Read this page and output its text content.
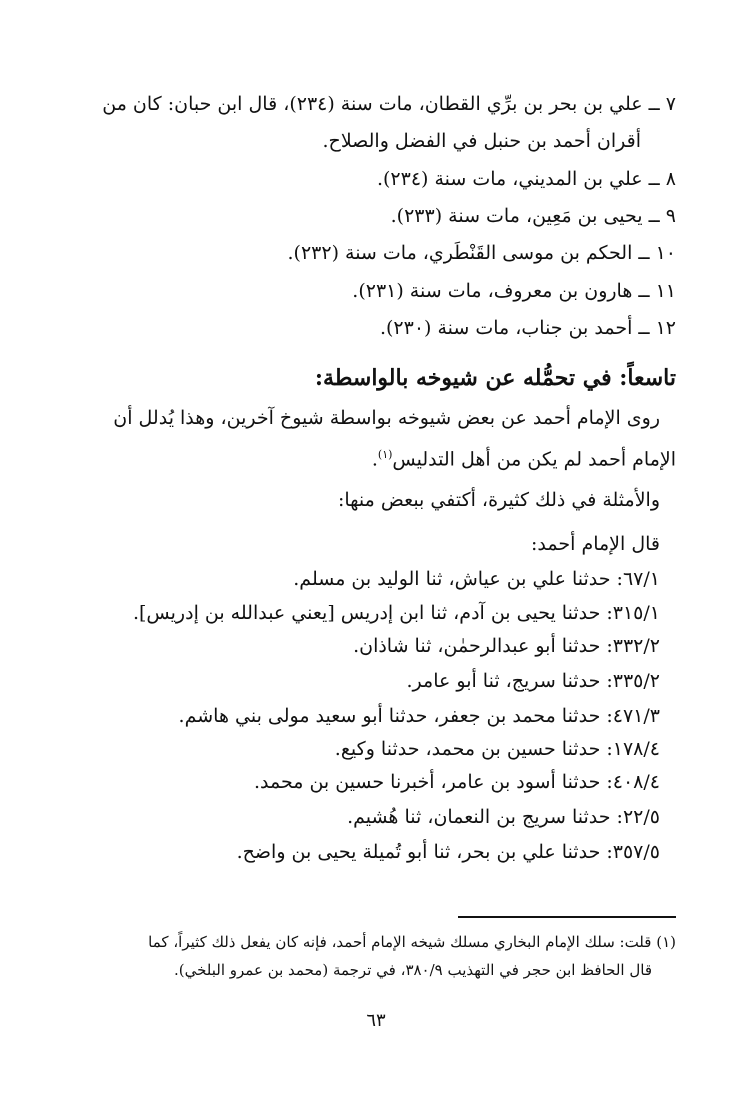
٧ ــ علي بن بحر بن برِّي القطان، مات سنة (٢٣٤)، قال ابن حبان: كان من
أقران أحمد بن حنبل في الفضل والصلاح.
٨ ــ علي بن المديني، مات سنة (٢٣٤).
٩ ــ يحيى بن مَعِين، مات سنة (٢٣٣).
١٠ ــ الحكم بن موسى القَنْطَري، مات سنة (٢٣٢).
١١ ــ هارون بن معروف، مات سنة (٢٣١).
١٢ ــ أحمد بن جناب، مات سنة (٢٣٠).
تاسعاً: في تحمُّله عن شيوخه بالواسطة:
روى الإمام أحمد عن بعض شيوخه بواسطة شيوخ آخرين، وهذا يُدلل أن
الإمام أحمد لم يكن من أهل التدليس$^{(١)}$.
والأمثلة في ذلك كثيرة، أكتفي ببعض منها:
قال الإمام أحمد:
٦٧/١: حدثنا علي بن عياش، ثنا الوليد بن مسلم.
٣١٥/١: حدثنا يحيى بن آدم، ثنا ابن إدريس [يعني عبدالله بن إدريس].
٣٣٢/٢: حدثنا أبو عبدالرحمٰن، ثنا شاذان.
٣٣٥/٢: حدثنا سريج، ثنا أبو عامر.
٤٧١/٣: حدثنا محمد بن جعفر، حدثنا أبو سعيد مولى بني هاشم.
١٧٨/٤: حدثنا حسين بن محمد، حدثنا وكيع.
٤٠٨/٤: حدثنا أسود بن عامر، أخبرنا حسين بن محمد.
٢٢/٥: حدثنا سريج بن النعمان، ثنا هُشيم.
٣٥٧/٥: حدثنا علي بن بحر، ثنا أبو تُميلة يحيى بن واضح.
(١) قلت: سلك الإمام البخاري مسلك شيخه الإمام أحمد، فإنه كان يفعل ذلك كثيراً، كما
قال الحافظ ابن حجر في التهذيب ٣٨٠/٩، في ترجمة (محمد بن عمرو البلخي).
٦٣
